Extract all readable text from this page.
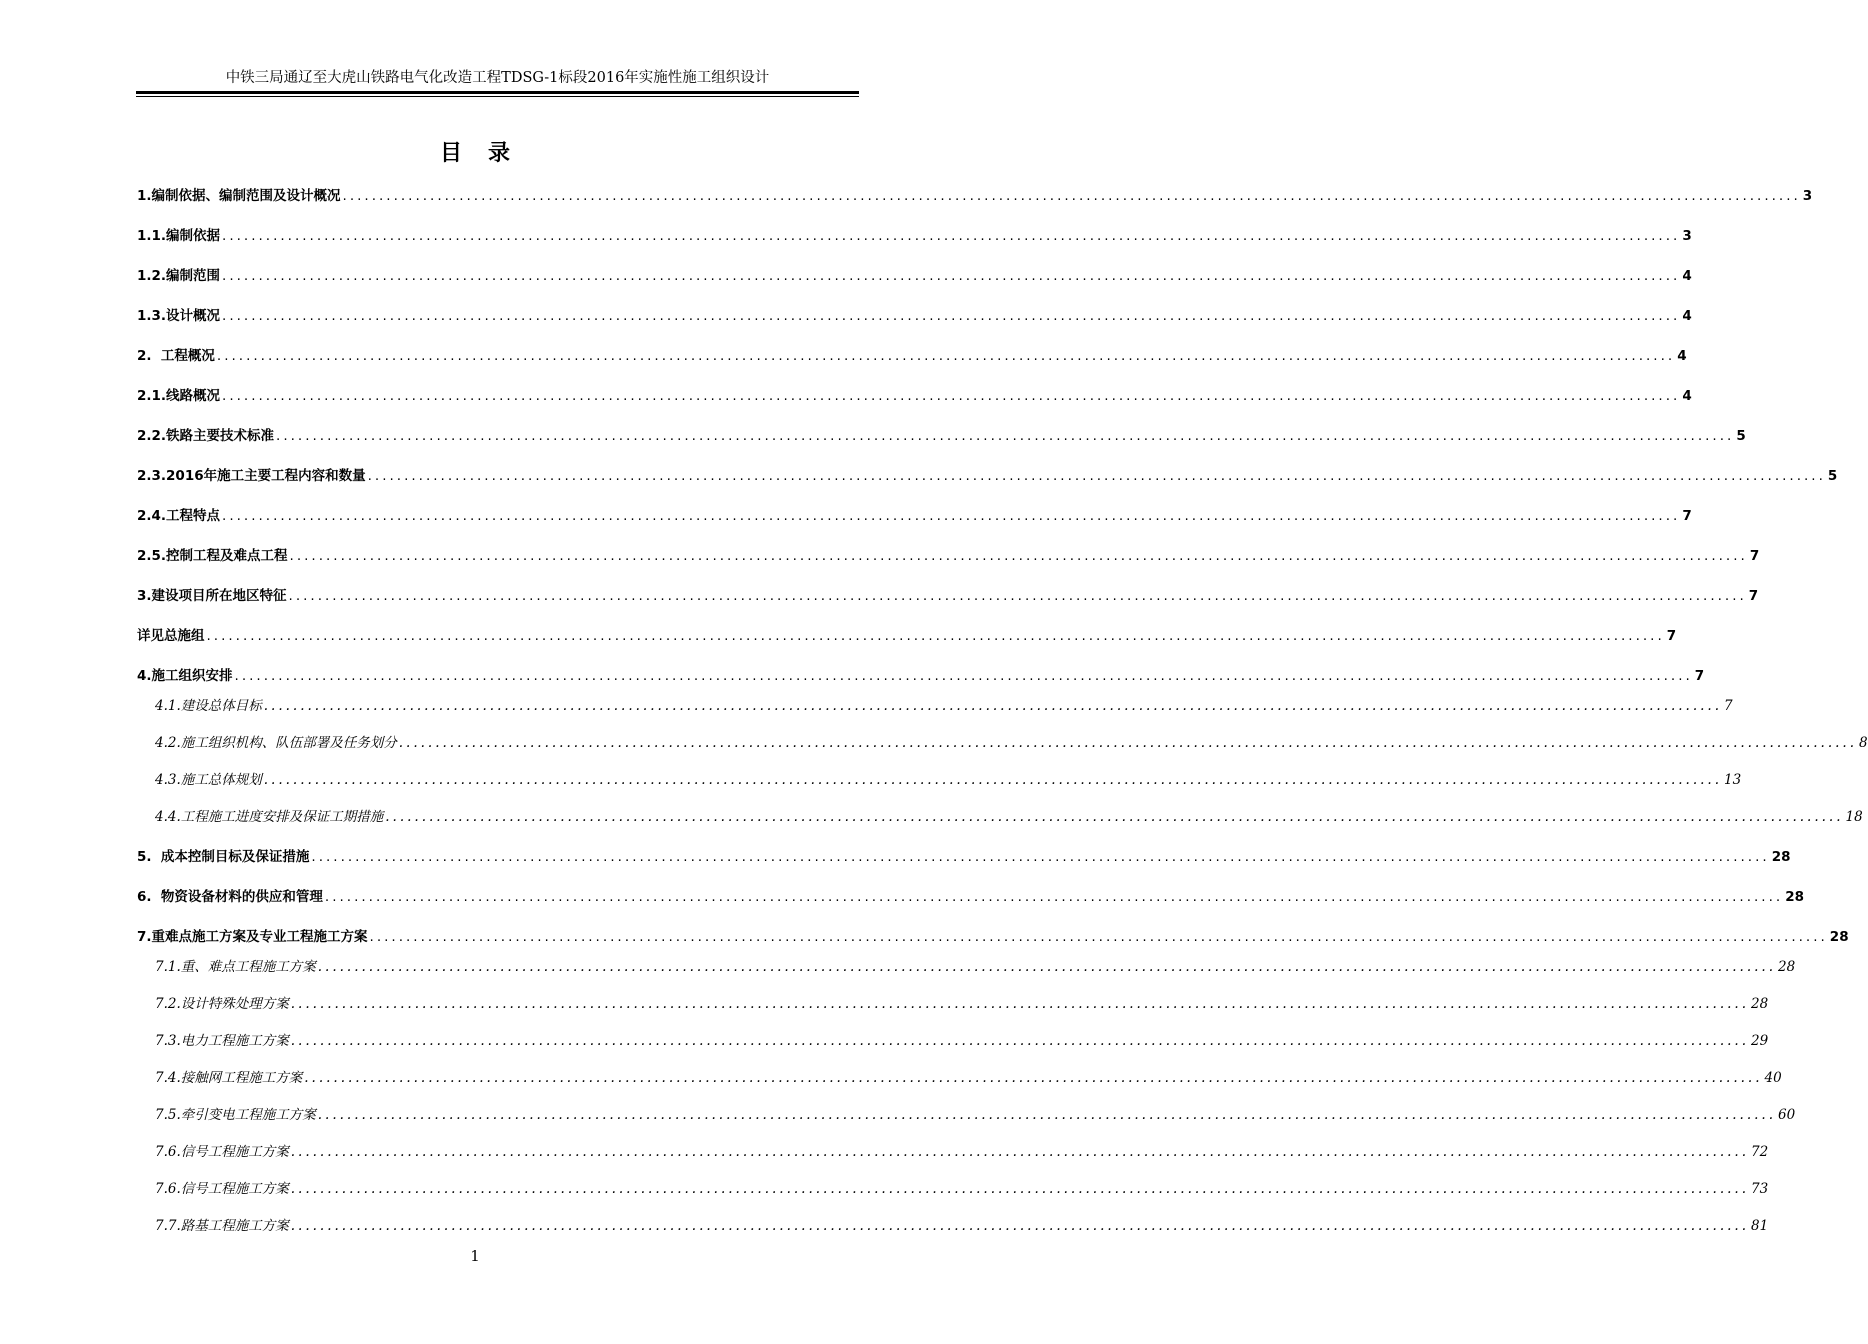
中铁三局通辽至大虎山铁路电气化改造工程TDSG-1标段2016年实施性施工组织设计
目录
1.编制依据、编制范围及设计概况 ........................................................................................................................................................................................................ 3
1.1.编制依据 ........................................................................................................................................................................................................ 3
1.2.编制范围 ........................................................................................................................................................................................................ 4
1.3.设计概况 ........................................................................................................................................................................................................ 4
2.  工程概况 ........................................................................................................................................................................................................ 4
2.1.线路概况 ........................................................................................................................................................................................................ 4
2.2.铁路主要技术标准 ........................................................................................................................................................................................................ 5
2.3.2016年施工主要工程内容和数量 ........................................................................................................................................................................................................ 5
2.4.工程特点 ........................................................................................................................................................................................................ 7
2.5.控制工程及难点工程 ........................................................................................................................................................................................................ 7
3.建设项目所在地区特征 ........................................................................................................................................................................................................ 7
详见总施组 ........................................................................................................................................................................................................ 7
4.施工组织安排 ........................................................................................................................................................................................................ 7
4.1.建设总体目标 ........................................................................................................................................................................................................ 7
4.2.施工组织机构、队伍部署及任务划分 ........................................................................................................................................................................................................ 8
4.3.施工总体规划 ........................................................................................................................................................................................................ 13
4.4.工程施工进度安排及保证工期措施 ........................................................................................................................................................................................................ 18
5.  成本控制目标及保证措施 ........................................................................................................................................................................................................ 28
6.  物资设备材料的供应和管理 ........................................................................................................................................................................................................ 28
7.重难点施工方案及专业工程施工方案 ........................................................................................................................................................................................................ 28
7.1.重、难点工程施工方案 ........................................................................................................................................................................................................ 28
7.2.设计特殊处理方案 ........................................................................................................................................................................................................ 28
7.3.电力工程施工方案 ........................................................................................................................................................................................................ 29
7.4.接触网工程施工方案 ........................................................................................................................................................................................................ 40
7.5.牵引变电工程施工方案 ........................................................................................................................................................................................................ 60
7.6.信号工程施工方案 ........................................................................................................................................................................................................ 72
7.6.信号工程施工方案 ........................................................................................................................................................................................................ 73
7.7.路基工程施工方案 ........................................................................................................................................................................................................ 81
1
